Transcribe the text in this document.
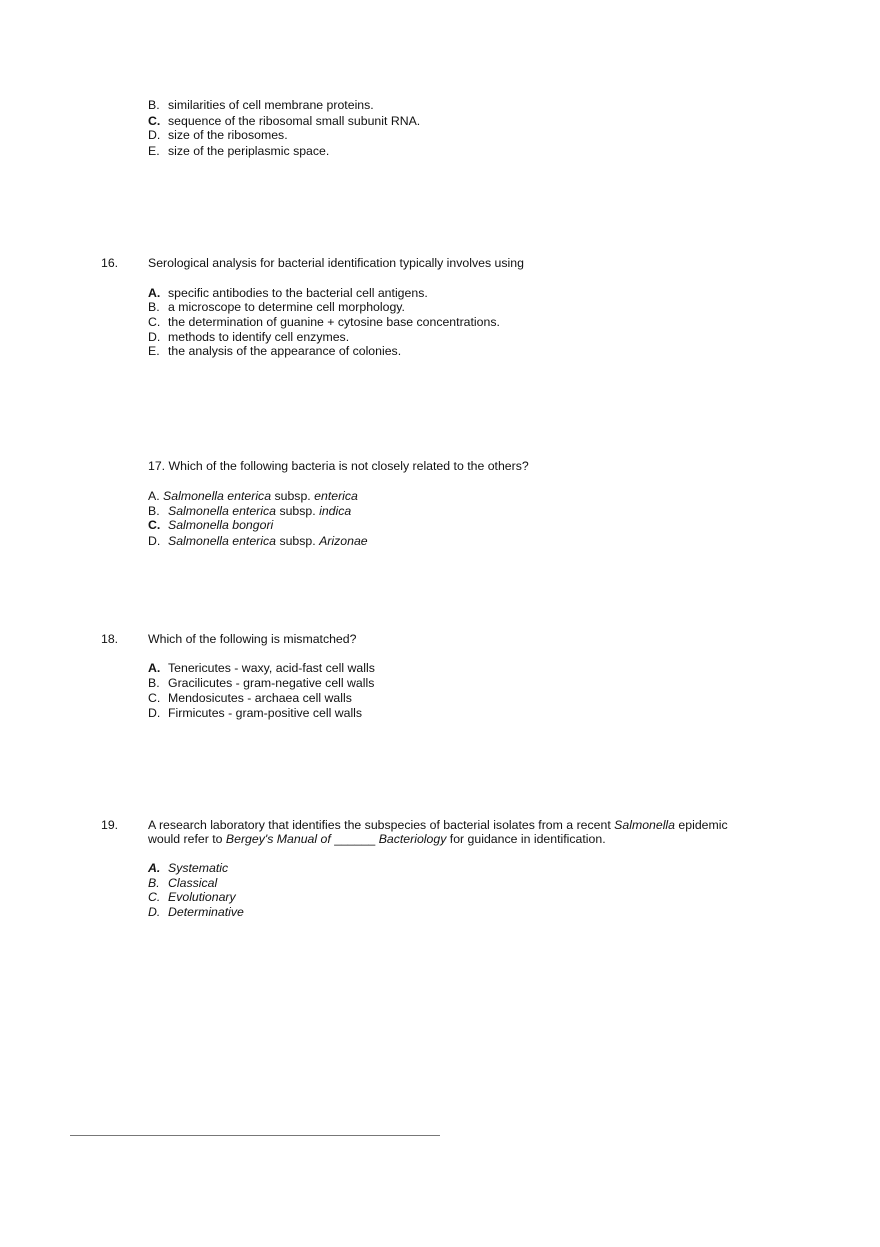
B. similarities of cell membrane proteins.
C. sequence of the ribosomal small subunit RNA.
D. size of the ribosomes.
E. size of the periplasmic space.
16. Serological analysis for bacterial identification typically involves using
A. specific antibodies to the bacterial cell antigens.
B. a microscope to determine cell morphology.
C. the determination of guanine + cytosine base concentrations.
D. methods to identify cell enzymes.
E. the analysis of the appearance of colonies.
17. Which of the following bacteria is not closely related to the others?
A. Salmonella enterica subsp. enterica
B. Salmonella enterica subsp. indica
C. Salmonella bongori
D. Salmonella enterica subsp. Arizonae
18. Which of the following is mismatched?
A. Tenericutes - waxy, acid-fast cell walls
B. Gracilicutes - gram-negative cell walls
C. Mendosicutes - archaea cell walls
D. Firmicutes - gram-positive cell walls
19. A research laboratory that identifies the subspecies of bacterial isolates from a recent Salmonella epidemic
would refer to Bergey's Manual of ______ Bacteriology for guidance in identification.
A. Systematic
B. Classical
C. Evolutionary
D. Determinative
